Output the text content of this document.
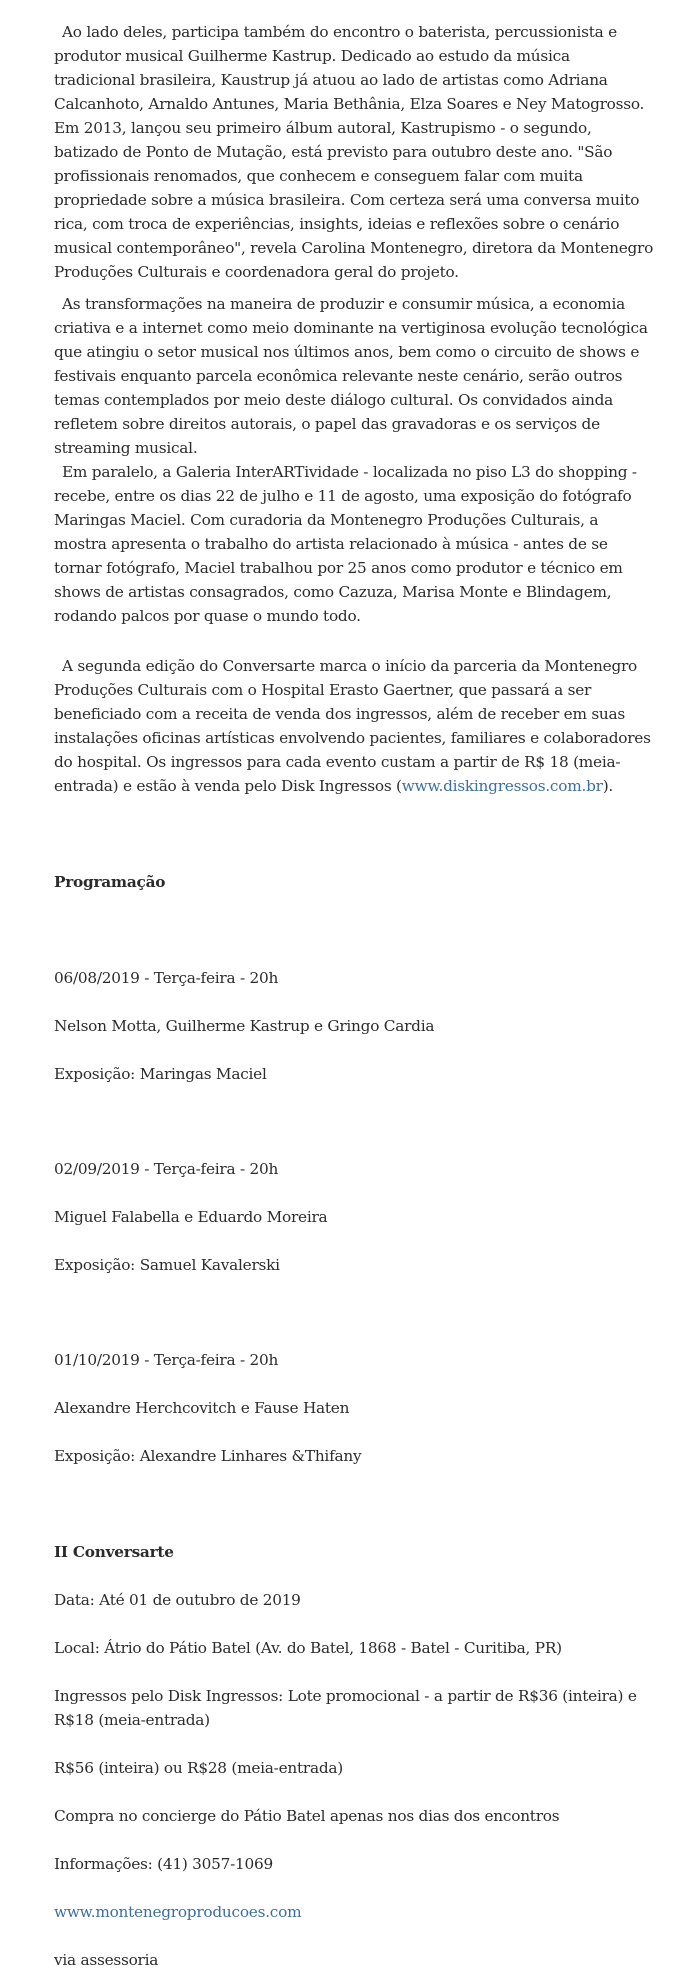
Ao lado deles, participa também do encontro o baterista, percussionista e produtor musical Guilherme Kastrup. Dedicado ao estudo da música tradicional brasileira, Kaustrup já atuou ao lado de artistas como Adriana Calcanhoto, Arnaldo Antunes, Maria Bethânia, Elza Soares e Ney Matogrosso. Em 2013, lançou seu primeiro álbum autoral, Kastrupismo - o segundo, batizado de Ponto de Mutação, está previsto para outubro deste ano. "São profissionais renomados, que conhecem e conseguem falar com muita propriedade sobre a música brasileira. Com certeza será uma conversa muito rica, com troca de experiências, insights, ideias e reflexões sobre o cenário musical contemporâneo", revela Carolina Montenegro, diretora da Montenegro Produções Culturais e coordenadora geral do projeto.

As transformações na maneira de produzir e consumir música, a economia criativa e a internet como meio dominante na vertiginosa evolução tecnológica que atingiu o setor musical nos últimos anos, bem como o circuito de shows e festivais enquanto parcela econômica relevante neste cenário, serão outros temas contemplados por meio deste diálogo cultural. Os convidados ainda refletem sobre direitos autorais, o papel das gravadoras e os serviços de streaming musical.

Em paralelo, a Galeria InterARTividade - localizada no piso L3 do shopping - recebe, entre os dias 22 de julho e 11 de agosto, uma exposição do fotógrafo Maringas Maciel. Com curadoria da Montenegro Produções Culturais, a mostra apresenta o trabalho do artista relacionado à música - antes de se tornar fotógrafo, Maciel trabalhou por 25 anos como produtor e técnico em shows de artistas consagrados, como Cazuza, Marisa Monte e Blindagem, rodando palcos por quase o mundo todo.

A segunda edição do Conversarte marca o início da parceria da Montenegro Produções Culturais com o Hospital Erasto Gaertner, que passará a ser beneficiado com a receita de venda dos ingressos, além de receber em suas instalações oficinas artísticas envolvendo pacientes, familiares e colaboradores do hospital. Os ingressos para cada evento custam a partir de R$ 18 (meia-entrada) e estão à venda pelo Disk Ingressos (www.diskingressos.com.br).

Programação

06/08/2019 - Terça-feira - 20h

Nelson Motta, Guilherme Kastrup e Gringo Cardia

Exposição: Maringas Maciel

02/09/2019 - Terça-feira - 20h

Miguel Falabella e Eduardo Moreira

Exposição: Samuel Kavalerski

01/10/2019 - Terça-feira - 20h

Alexandre Herchcovitch e Fause Haten

Exposição: Alexandre Linhares &Thifany

II Conversarte

Data: Até 01 de outubro de 2019

Local: Átrio do Pátio Batel (Av. do Batel, 1868 - Batel - Curitiba, PR)

Ingressos pelo Disk Ingressos: Lote promocional - a partir de R$36 (inteira) e R$18 (meia-entrada)

R$56 (inteira) ou R$28 (meia-entrada)

Compra no concierge do Pátio Batel apenas nos dias dos encontros

Informações: (41) 3057-1069

www.montenegroproducoes.com

via assessoria
